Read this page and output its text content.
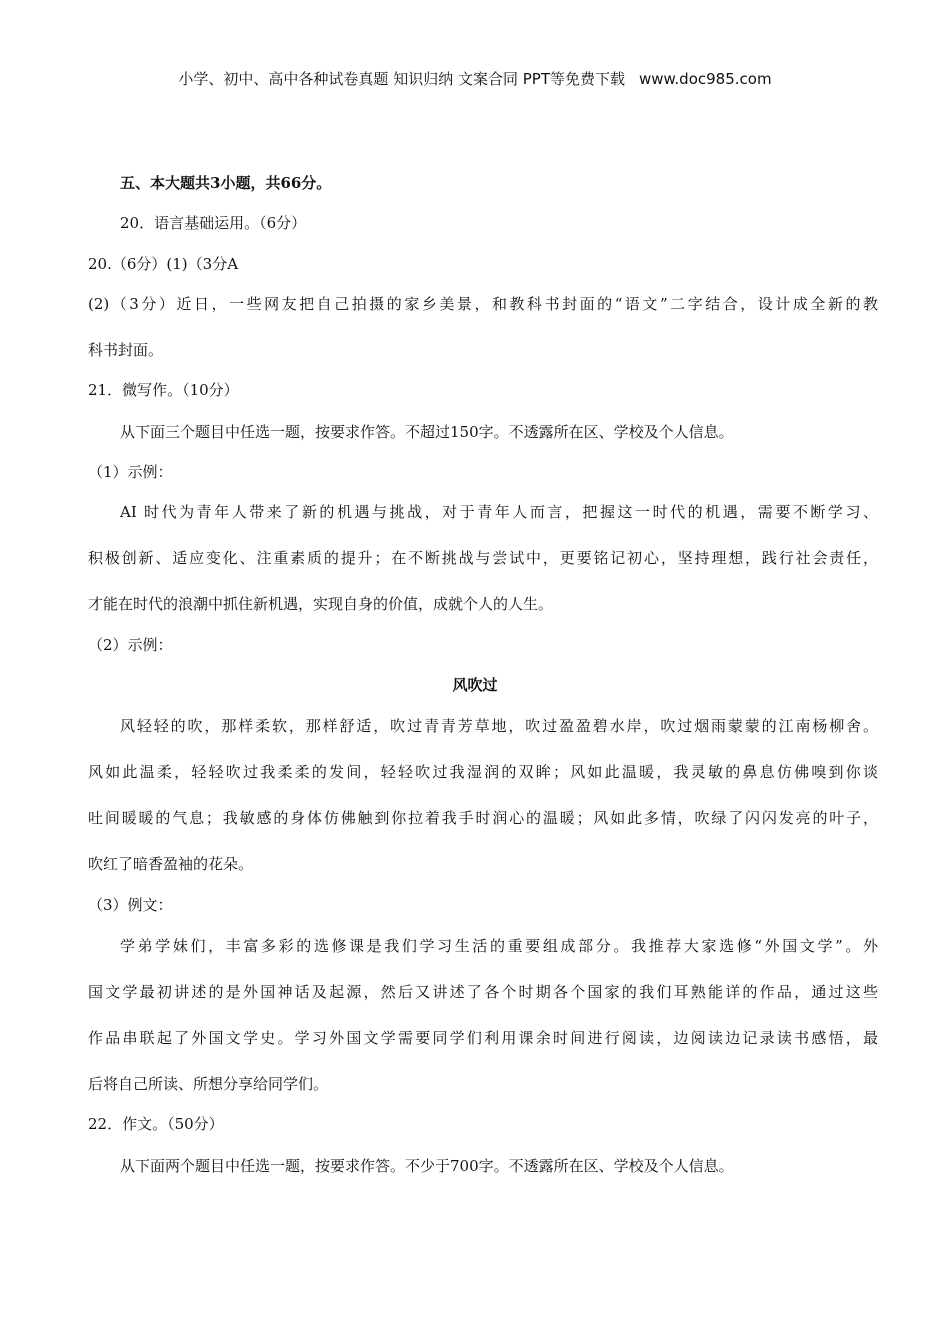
小学、初中、高中各种试卷真题 知识归纳 文案合同 PPT等免费下载 www.doc985.com
五、本大题共3小题，共66分。
20．语言基础运用。（6分）
20.（6分）(1)（3分A
(2)（3分）近日，一些网友把自己拍摄的家乡美景，和教科书封面的“语文”二字结合，设计成全新的教
科书封面。
21．微写作。（10分）
从下面三个题目中任选一题，按要求作答。不超过150字。不透露所在区、学校及个人信息。
（1）示例：
AI 时代为青年人带来了新的机遇与挑战，对于青年人而言，把握这一时代的机遇，需要不断学习、
积极创新、适应变化、注重素质的提升；在不断挑战与尝试中，更要铭记初心，坚持理想，践行社会责任，
才能在时代的浪潮中抓住新机遇，实现自身的价值，成就个人的人生。
（2）示例：
风吹过
风轻轻的吹，那样柔软，那样舒适，吹过青青芳草地，吹过盈盈碧水岸，吹过烟雨蒙蒙的江南杨柳舍。
风如此温柔，轻轻吹过我柔柔的发间，轻轻吹过我湿润的双眸；风如此温暖，我灵敏的鼻息仿佛嗅到你谈
吐间暖暖的气息；我敏感的身体仿佛触到你拉着我手时润心的温暖；风如此多情，吹绿了闪闪发亮的叶子，
吹红了暗香盈袖的花朵。
（3）例文：
学弟学妹们，丰富多彩的选修课是我们学习生活的重要组成部分。我推荐大家选修“外国文学”。外
国文学最初讲述的是外国神话及起源，然后又讲述了各个时期各个国家的我们耳熟能详的作品，通过这些
作品串联起了外国文学史。学习外国文学需要同学们利用课余时间进行阅读，边阅读边记录读书感悟，最
后将自己所读、所想分享给同学们。
22．作文。（50分）
从下面两个题目中任选一题，按要求作答。不少于700字。不透露所在区、学校及个人信息。
